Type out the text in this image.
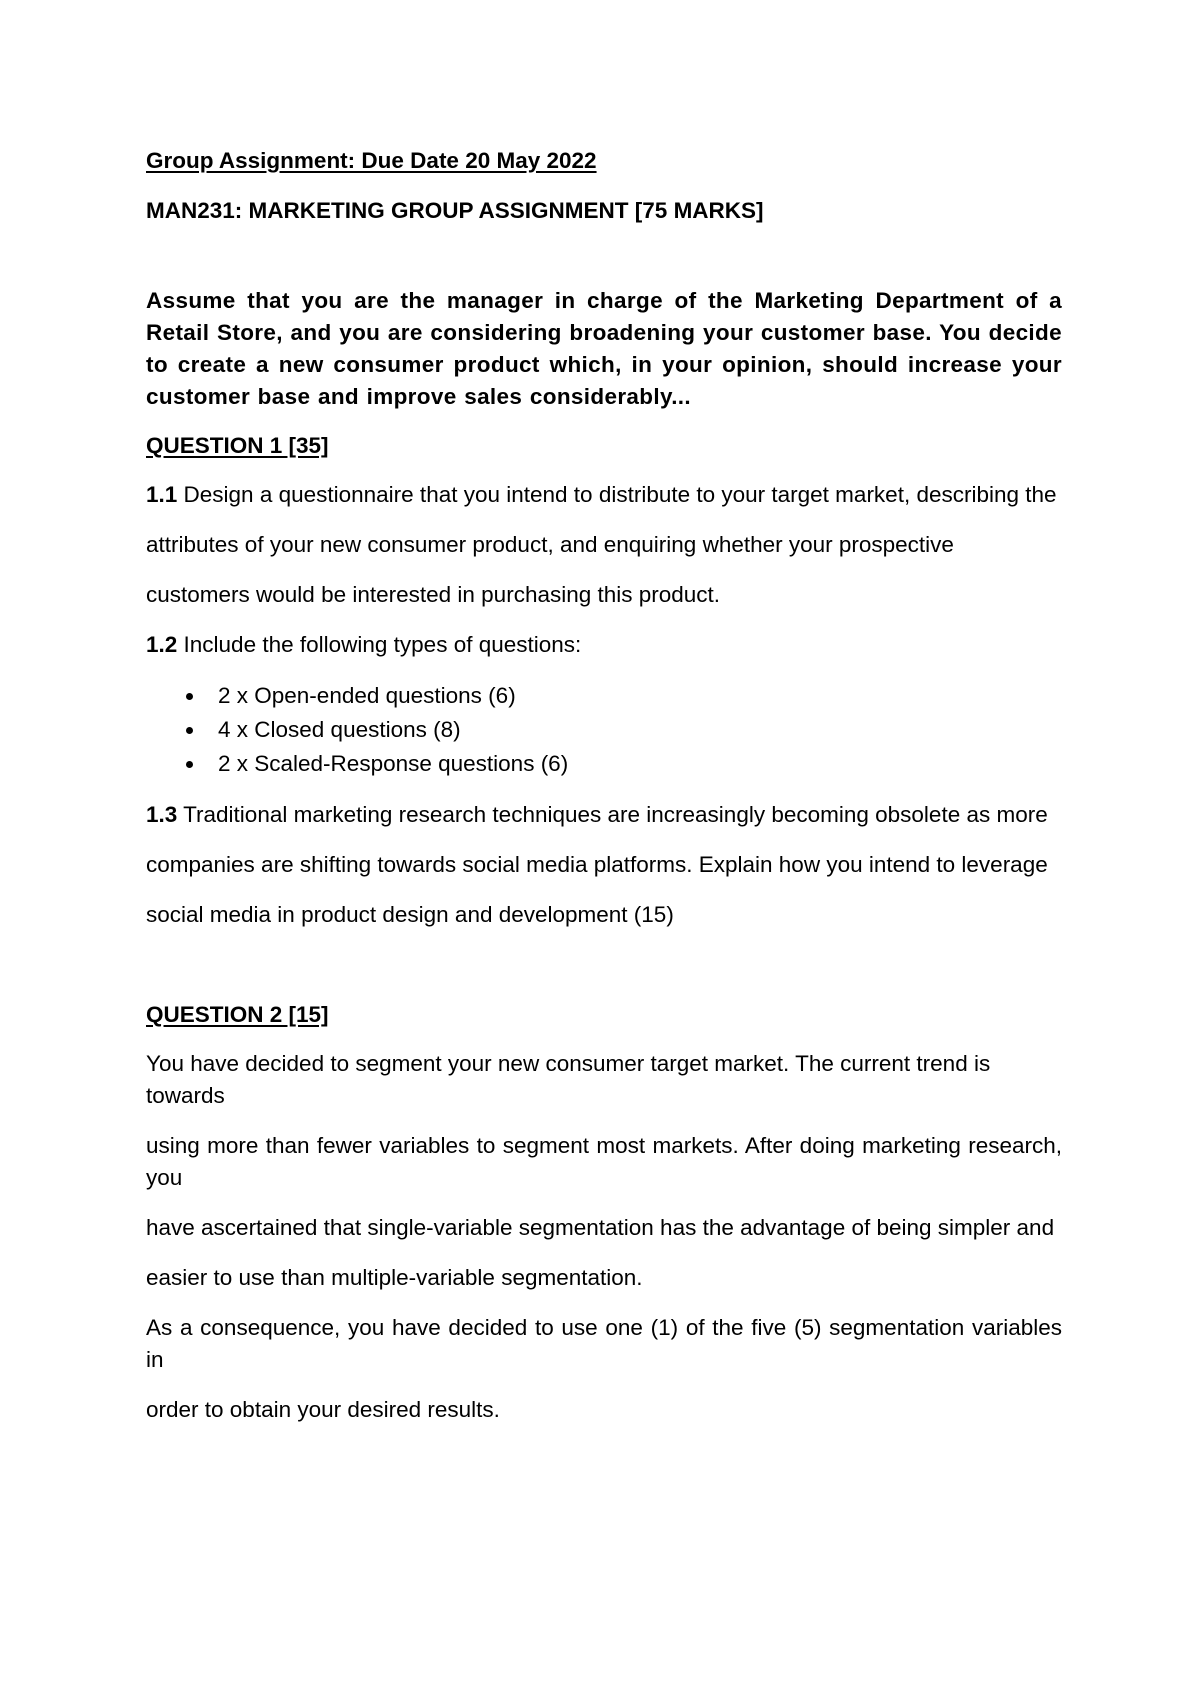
Group Assignment: Due Date 20 May 2022

MAN231: MARKETING GROUP ASSIGNMENT [75 MARKS]

Assume that you are the manager in charge of the Marketing Department of a Retail Store, and you are considering broadening your customer base. You decide to create a new consumer product which, in your opinion, should increase your customer base and improve sales considerably...

QUESTION 1 [35]

1.1 Design a questionnaire that you intend to distribute to your target market, describing the

attributes of your new consumer product, and enquiring whether your prospective

customers would be interested in purchasing this product.

1.2 Include the following types of questions:

2 x Open-ended questions (6)
4 x Closed questions (8)
2 x Scaled-Response questions (6)

1.3 Traditional marketing research techniques are increasingly becoming obsolete as more

companies are shifting towards social media platforms. Explain how you intend to leverage

social media in product design and development (15)

QUESTION 2 [15]

You have decided to segment your new consumer target market. The current trend is towards

using more than fewer variables to segment most markets. After doing marketing research, you

have ascertained that single-variable segmentation has the advantage of being simpler and

easier to use than multiple-variable segmentation.

As a consequence, you have decided to use one (1) of the five (5) segmentation variables in

order to obtain your desired results.
